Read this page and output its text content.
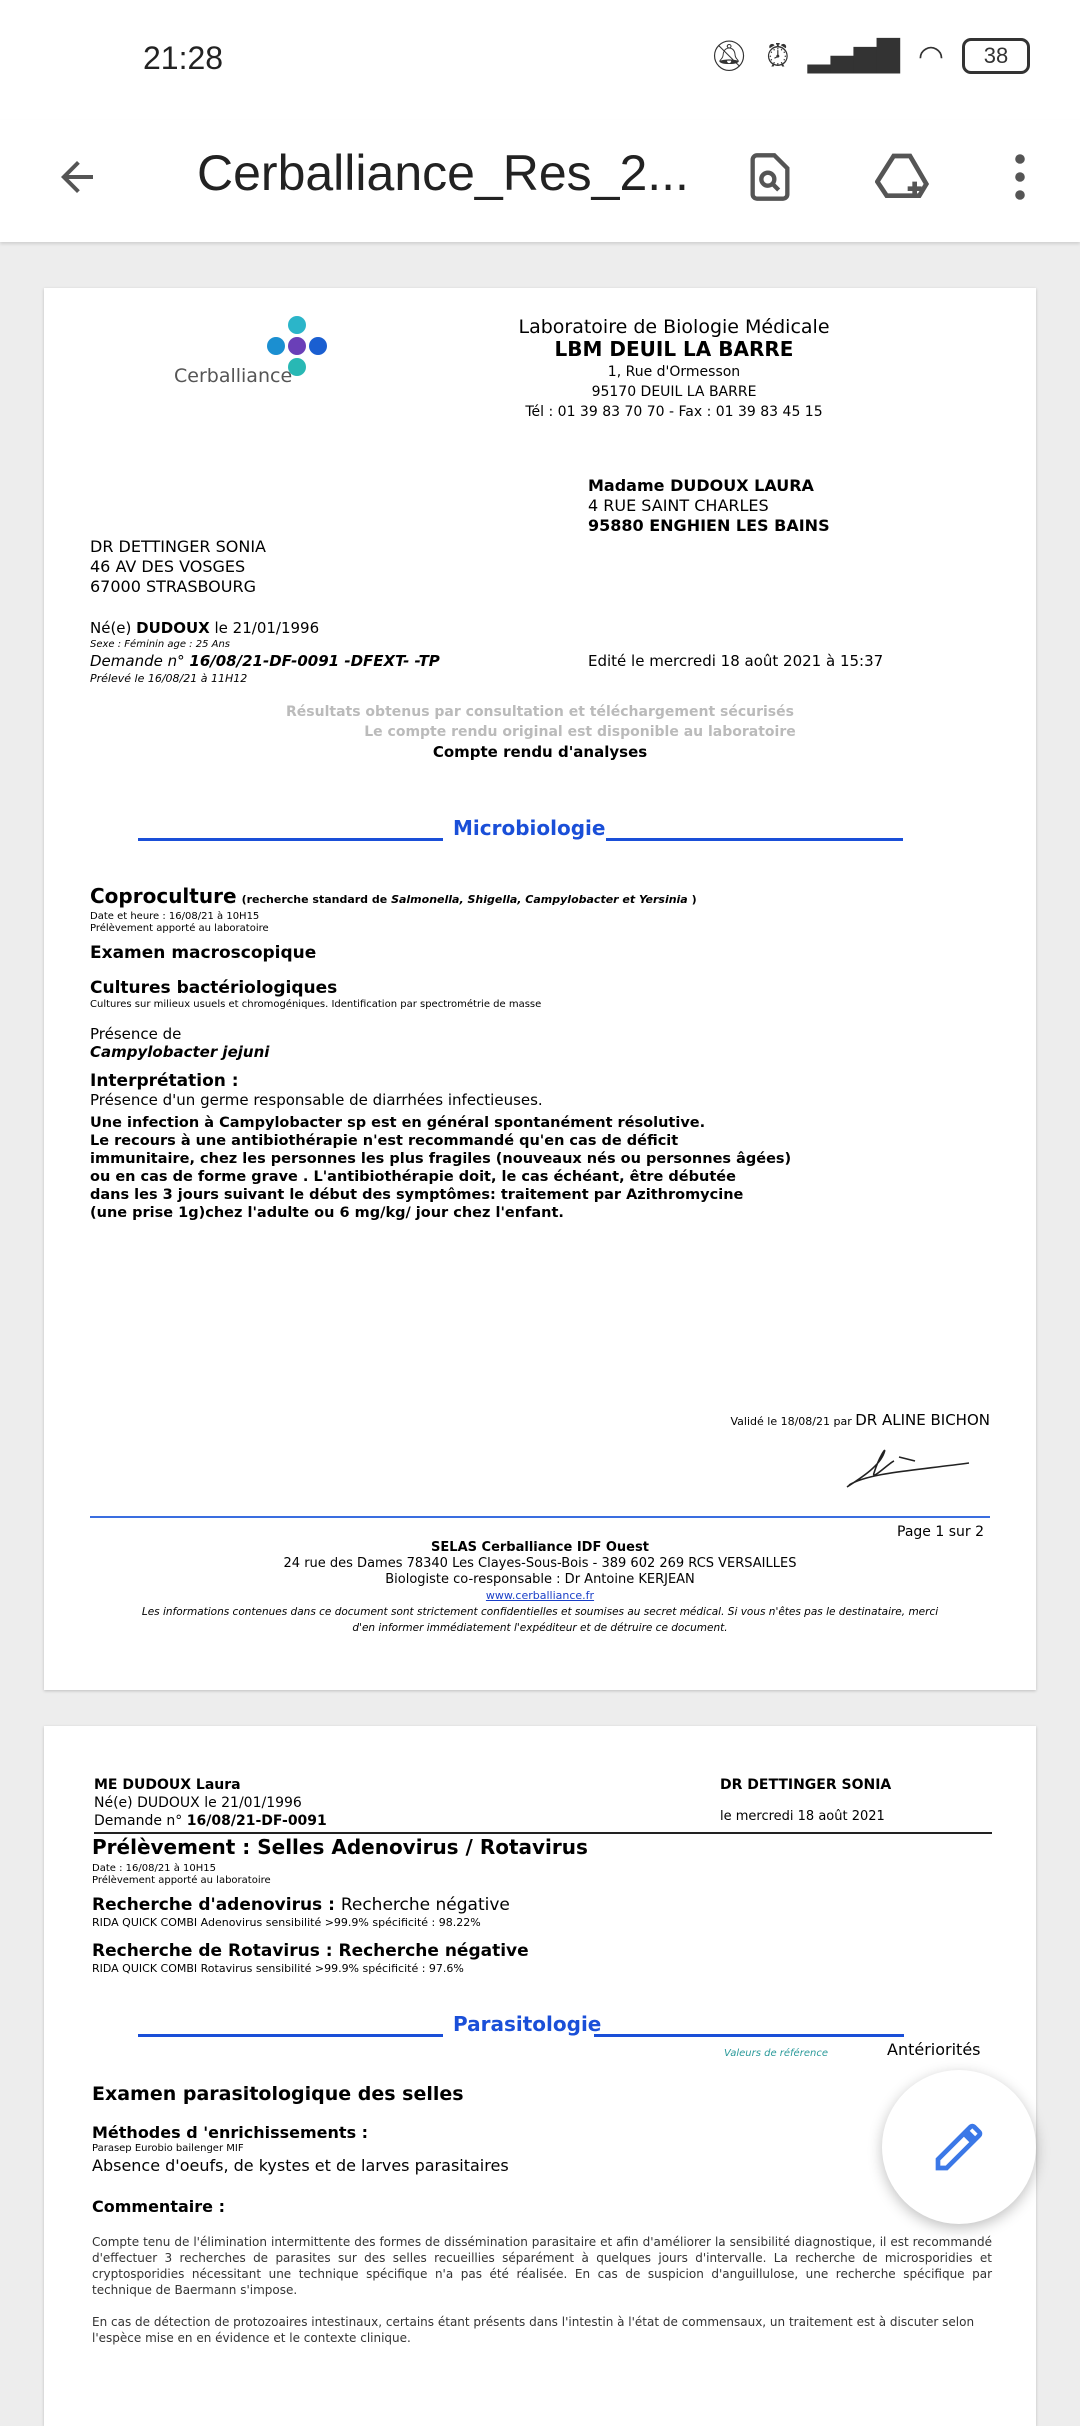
21:28	🔕︎ ⏰︎ ▂▄▆█ ◠	38
Cerballiance_Res_2...
Cerballiance
Laboratoire de Biologie Médicale
LBM DEUIL LA BARRE
1, Rue d'Ormesson
95170 DEUIL LA BARRE
Tél : 01 39 83 70 70 - Fax : 01 39 83 45 15
Madame DUDOUX LAURA
4 RUE SAINT CHARLES
95880 ENGHIEN LES BAINS
DR DETTINGER SONIA
46 AV DES VOSGES
67000 STRASBOURG
Né(e) DUDOUX le 21/01/1996
Sexe : Féminin age : 25 Ans
Demande n° 16/08/21-DF-0091 -DFEXT- -TP
Prélevé le 16/08/21 à 11H12
Edité le mercredi 18 août 2021 à 15:37
Résultats obtenus par consultation et téléchargement sécurisés
Le compte rendu original est disponible au laboratoire
Compte rendu d'analyses
Microbiologie
Coproculture (recherche standard de Salmonella, Shigella, Campylobacter et Yersinia )
Date et heure : 16/08/21 à 10H15
Prélèvement apporté au laboratoire
Examen macroscopique
Cultures bactériologiques
Cultures sur milieux usuels et chromogéniques. Identification par spectrométrie de masse
Présence de
Campylobacter jejuni
Interprétation :
Présence d'un germe responsable de diarrhées infectieuses.
Une infection à Campylobacter sp est en général spontanément résolutive.
Le recours à une antibiothérapie n'est recommandé qu'en cas de déficit
immunitaire, chez les personnes les plus fragiles (nouveaux nés ou personnes âgées)
ou en cas de forme grave . L'antibiothérapie doit, le cas échéant, être débutée
dans les 3 jours suivant le début des symptômes: traitement par Azithromycine
(une prise 1g)chez l'adulte ou 6 mg/kg/ jour chez l'enfant.
Validé le 18/08/21 par DR ALINE BICHON
Page 1 sur 2
SELAS Cerballiance IDF Ouest
24 rue des Dames 78340 Les Clayes-Sous-Bois - 389 602 269 RCS VERSAILLES
Biologiste co-responsable : Dr Antoine KERJEAN
www.cerballiance.fr
Les informations contenues dans ce document sont strictement confidentielles et soumises au secret médical. Si vous n'êtes pas le destinataire, merci
d'en informer immédiatement l'expéditeur et de détruire ce document.
ME DUDOUX Laura
Né(e) DUDOUX le 21/01/1996
Demande n° 16/08/21-DF-0091
DR DETTINGER SONIA
le mercredi 18 août 2021
Prélèvement : Selles Adenovirus / Rotavirus
Date : 16/08/21 à 10H15
Prélèvement apporté au laboratoire
Recherche d'adenovirus : Recherche négative
RIDA QUICK COMBI Adenovirus sensibilité >99.9% spécificité : 98.22%
Recherche de Rotavirus : Recherche négative
RIDA QUICK COMBI Rotavirus sensibilité >99.9% spécificité : 97.6%
Parasitologie
Valeurs de référence	Antériorités
Examen parasitologique des selles
Méthodes d 'enrichissements :
Parasep Eurobio bailenger MIF
Absence d'oeufs, de kystes et de larves parasitaires
Commentaire :
Compte tenu de l'élimination intermittente des formes de dissémination parasitaire et afin d'améliorer la sensibilité diagnostique, il est recommandé d'effectuer 3 recherches de parasites sur des selles recueillies séparément à quelques jours d'intervalle. La recherche de microsporidies et cryptosporidies nécessitant une technique spécifique n'a pas été réalisée. En cas de suspicion d'anguillulose, une recherche spécifique par technique de Baermann s'impose.
En cas de détection de protozoaires intestinaux, certains étant présents dans l'intestin à l'état de commensaux, un traitement est à discuter selon l'espèce mise en en évidence et le contexte clinique.
